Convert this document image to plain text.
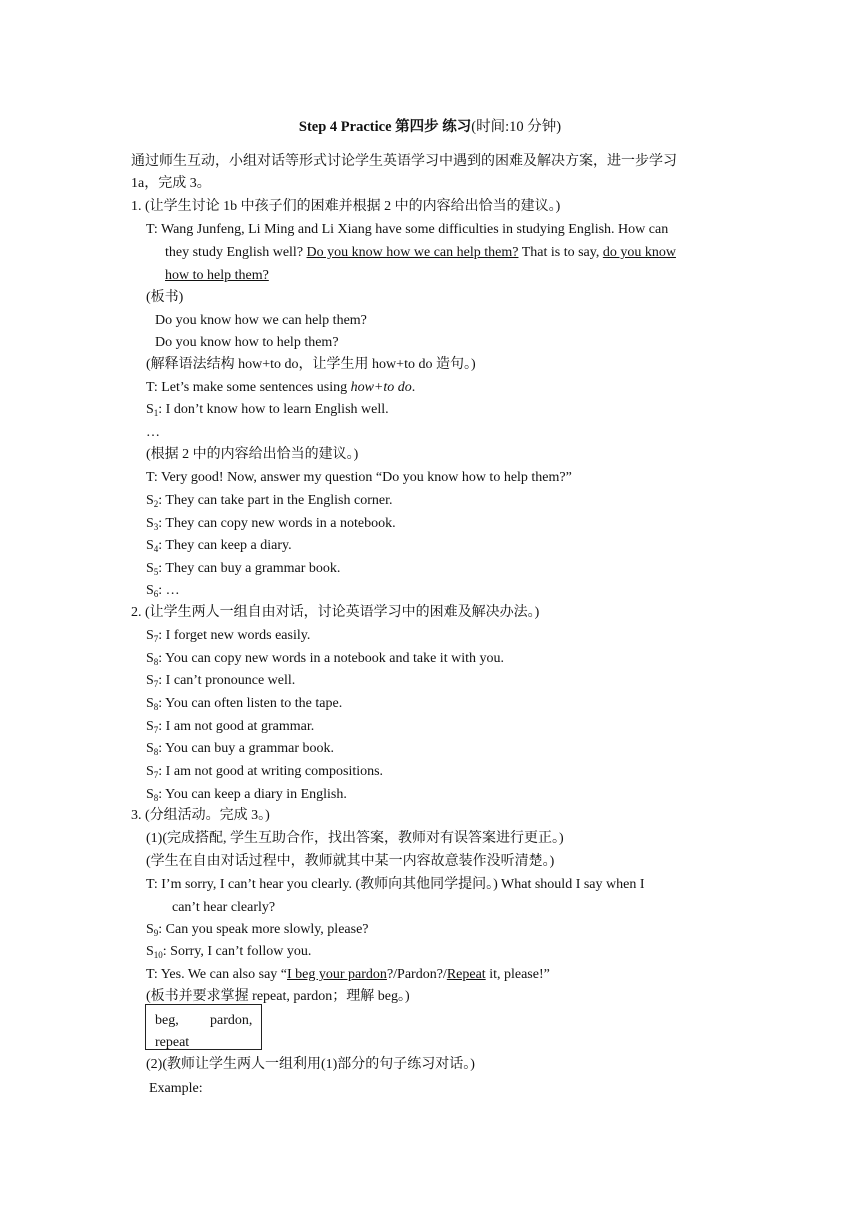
Step 4 Practice 第四步 练习(时间:10 分钟)
通过师生互动，小组对话等形式讨论学生英语学习中遇到的困难及解决方案，进一步学习
1a，完成 3。
1. (让学生讨论 1b 中孩子们的困难并根据 2 中的内容给出恰当的建议。)
T: Wang Junfeng, Li Ming and Li Xiang have some difficulties in studying English. How can
they study English well? Do you know how we can help them? That is to say, do you know
how to help them?
(板书)
Do you know how we can help them?
Do you know how to help them?
(解释语法结构 how+to do，让学生用 how+to do 造句。)
T: Let’s make some sentences using how+to do.
$S_1$: I don’t know how to learn English well.
…
(根据 2 中的内容给出恰当的建议。)
T: Very good! Now, answer my question “Do you know how to help them?”
$S_2$: They can take part in the English corner.
$S_3$: They can copy new words in a notebook.
$S_4$: They can keep a diary.
$S_5$: They can buy a grammar book.
$S_6$: …
2. (让学生两人一组自由对话，讨论英语学习中的困难及解决办法。)
$S_7$: I forget new words easily.
$S_8$: You can copy new words in a notebook and take it with you.
$S_7$: I can’t pronounce well.
$S_8$: You can often listen to the tape.
$S_7$: I am not good at grammar.
$S_8$: You can buy a grammar book.
$S_7$: I am not good at writing compositions.
$S_8$: You can keep a diary in English.
3. (分组活动。完成 3。)
(1)(完成搭配, 学生互助合作，找出答案，教师对有误答案进行更正。)
(学生在自由对话过程中，教师就其中某一内容故意装作没听清楚。)
T: I’m sorry, I can’t hear you clearly. (教师向其他同学提问。) What should I say when I
can’t hear clearly?
$S_9$: Can you speak more slowly, please?
$S_{10}$: Sorry, I can’t follow you.
T: Yes. We can also say “I beg your pardon?/Pardon?/Repeat it, please!”
(板书并要求掌握 repeat, pardon；理解 beg。)
beg, pardon,
repeat
(2)(教师让学生两人一组利用(1)部分的句子练习对话。)
Example:
